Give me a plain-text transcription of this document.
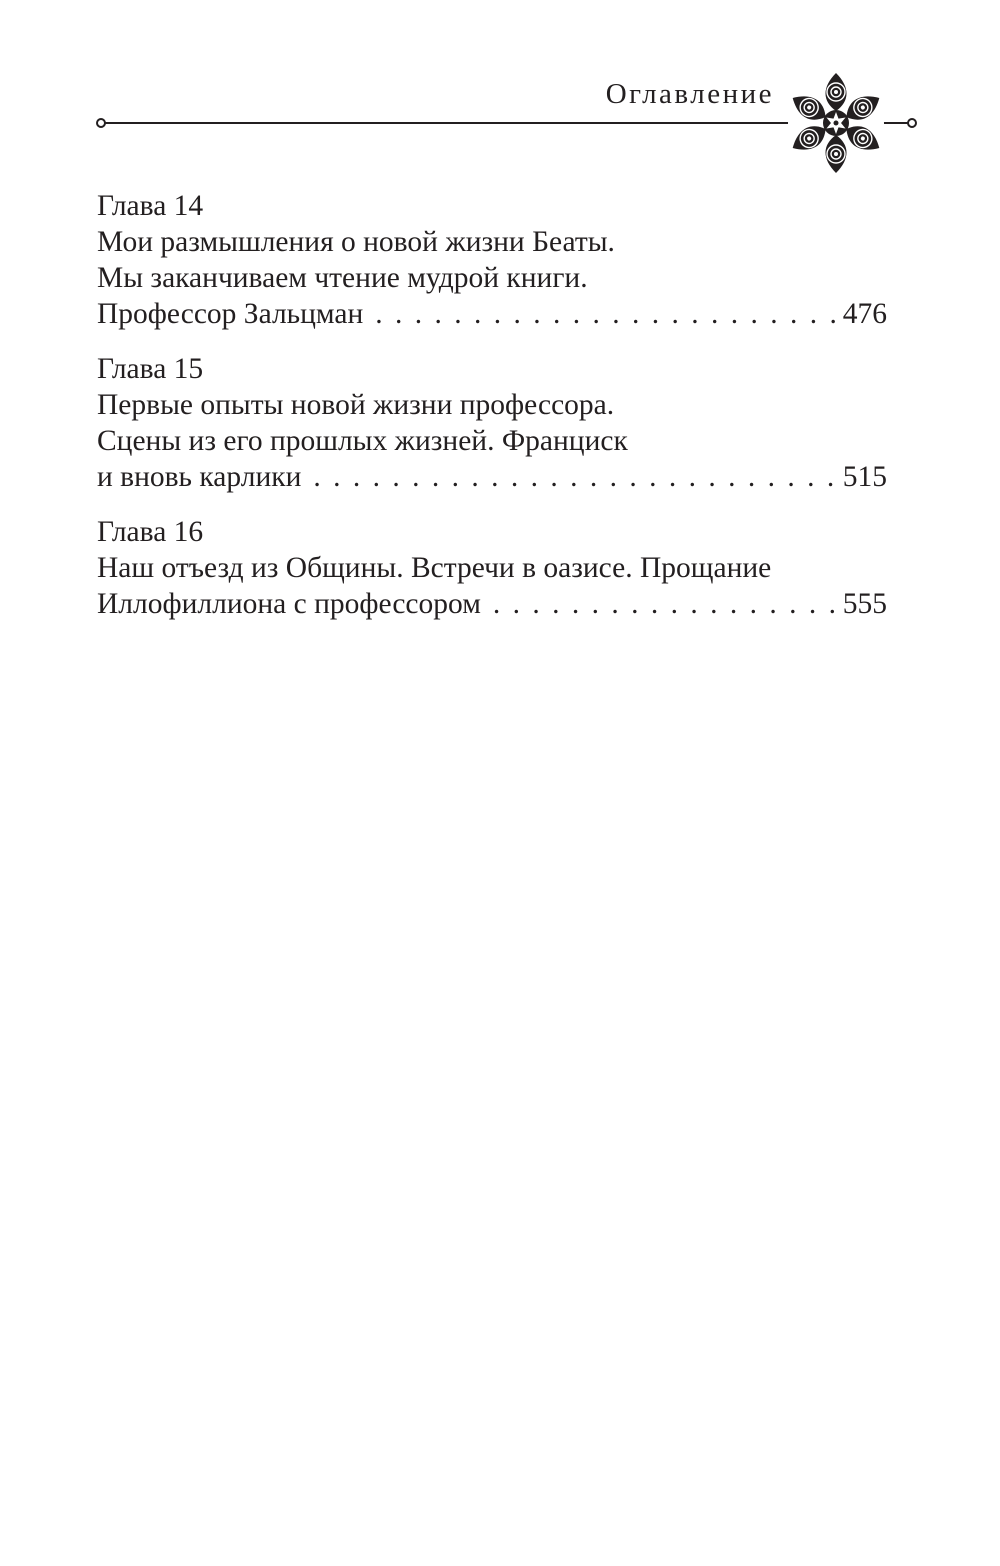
Оглавление
Глава 14
Мои размышления о новой жизни Беаты.
Мы заканчиваем чтение мудрой книги.
Профессор Зальцман . . .	476
Глава 15
Первые опыты новой жизни профессора.
Сцены из его прошлых жизней. Франциск
и вновь карлики . . .	515
Глава 16
Наш отъезд из Общины. Встречи в оазисе. Прощание
Иллофиллиона с профессором . . .	555
